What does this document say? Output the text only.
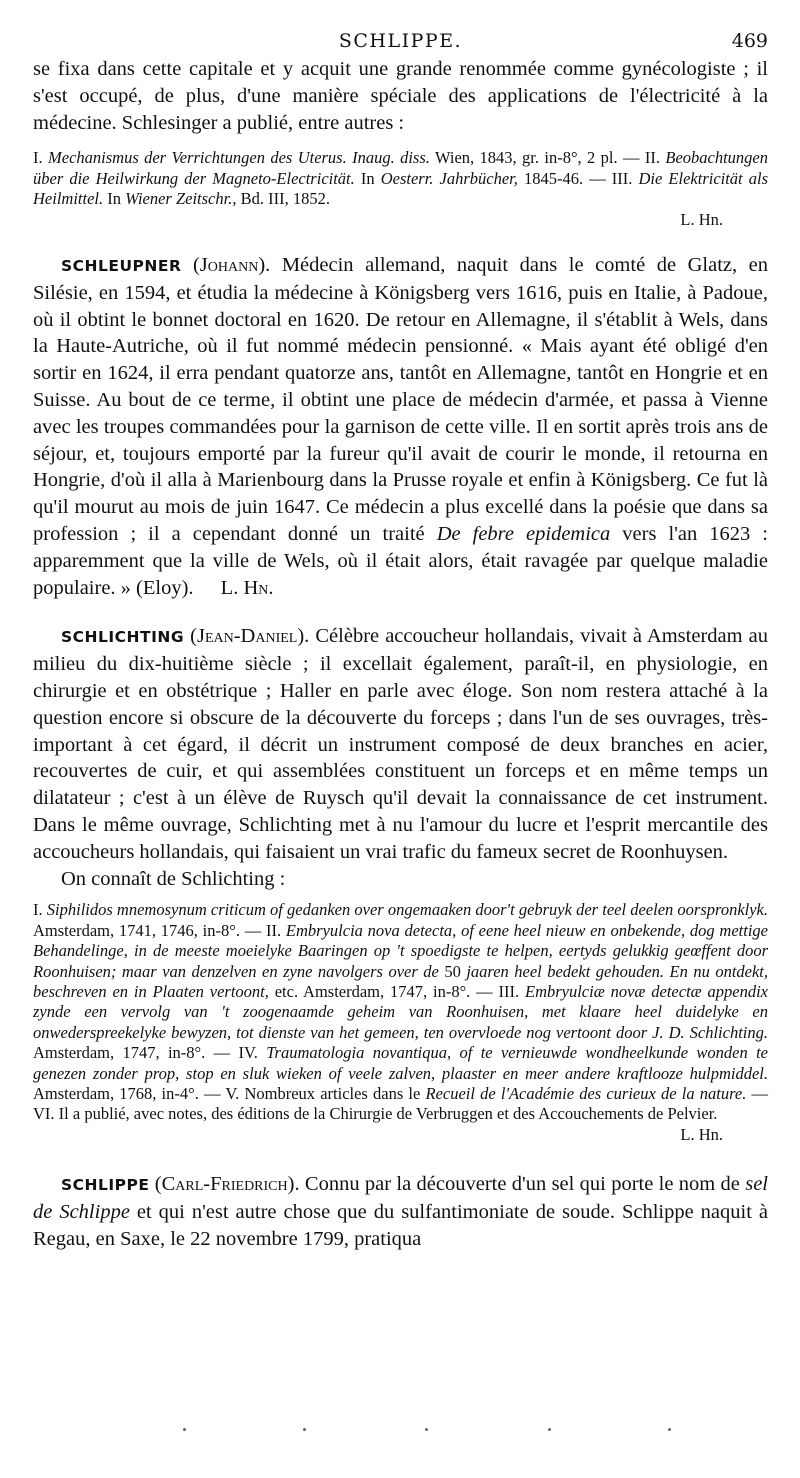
SCHLIPPE.	469

se fixa dans cette capitale et y acquit une grande renommée comme gynécologiste ; il s'est occupé, de plus, d'une manière spéciale des applications de l'électricité à la médecine. Schlesinger a publié, entre autres :

I. Mechanismus der Verrichtungen des Uterus. Inaug. diss. Wien, 1843, gr. in-8°, 2 pl. — II. Beobachtungen über die Heilwirkung der Magneto-Electricität. In Oesterr. Jahrbücher, 1845-46. — III. Die Elektricität als Heilmittel. In Wiener Zeitschr., Bd. III, 1852.

L. Hn.

SCHLEUPNER (Johann). Médecin allemand, naquit dans le comté de Glatz, en Silésie, en 1594, et étudia la médecine à Königsberg vers 1616, puis en Italie, à Padoue, où il obtint le bonnet doctoral en 1620. De retour en Allemagne, il s'établit à Wels, dans la Haute-Autriche, où il fut nommé médecin pensionné. « Mais ayant été obligé d'en sortir en 1624, il erra pendant quatorze ans, tantôt en Allemagne, tantôt en Hongrie et en Suisse. Au bout de ce terme, il obtint une place de médecin d'armée, et passa à Vienne avec les troupes commandées pour la garnison de cette ville. Il en sortit après trois ans de séjour, et, toujours emporté par la fureur qu'il avait de courir le monde, il retourna en Hongrie, d'où il alla à Marienbourg dans la Prusse royale et enfin à Königsberg. Ce fut là qu'il mourut au mois de juin 1647. Ce médecin a plus excellé dans la poésie que dans sa profession ; il a cependant donné un traité De febre epidemica vers l'an 1623 : apparemment que la ville de Wels, où il était alors, était ravagée par quelque maladie populaire. » (Eloy). L. Hn.

SCHLICHTING (Jean-Daniel). Célèbre accoucheur hollandais, vivait à Amsterdam au milieu du dix-huitième siècle ; il excellait également, paraît-il, en physiologie, en chirurgie et en obstétrique ; Haller en parle avec éloge. Son nom restera attaché à la question encore si obscure de la découverte du forceps ; dans l'un de ses ouvrages, très-important à cet égard, il décrit un instrument composé de deux branches en acier, recouvertes de cuir, et qui assemblées constituent un forceps et en même temps un dilatateur ; c'est à un élève de Ruysch qu'il devait la connaissance de cet instrument. Dans le même ouvrage, Schlichting met à nu l'amour du lucre et l'esprit mercantile des accoucheurs hollandais, qui faisaient un vrai trafic du fameux secret de Roonhuysen.

On connaît de Schlichting :

I. Siphilidos mnemosynum criticum of gedanken over ongemaaken door't gebruyk der teel deelen oorspronklyk. Amsterdam, 1741, 1746, in-8°. — II. Embryulcia nova detecta, of eene heel nieuw en onbekende, dog mettige Behandelinge, in de meeste moeielyke Baaringen op 't spoedigste te helpen, eertyds gelukkig geœffent door Roonhuisen; maar van denzelven en zyne navolgers over de 50 jaaren heel bedekt gehouden. En nu ontdekt, beschreven en in Plaaten vertoont, etc. Amsterdam, 1747, in-8°. — III. Embryulciæ novæ detectæ appendix zynde een vervolg van 't zoogenaamde geheim van Roonhuisen, met klaare heel duidelyke en onwederspreekelyke bewyzen, tot dienste van het gemeen, ten overvloede nog vertoont door J. D. Schlichting. Amsterdam, 1747, in-8°. — IV. Traumatologia novantiqua, of te vernieuwde wondheelkunde wonden te genezen zonder prop, stop en sluk wieken of veele zalven, plaaster en meer andere kraftlooze hulpmiddel. Amsterdam, 1768, in-4°. — V. Nombreux articles dans le Recueil de l'Académie des curieux de la nature. — VI. Il a publié, avec notes, des éditions de la Chirurgie de Verbruggen et des Accouchements de Pelvier.

L. Hn.

SCHLIPPE (Carl-Friedrich). Connu par la découverte d'un sel qui porte le nom de sel de Schlippe et qui n'est autre chose que du sulfantimoniate de soude. Schlippe naquit à Regau, en Saxe, le 22 novembre 1799, pratiqua
